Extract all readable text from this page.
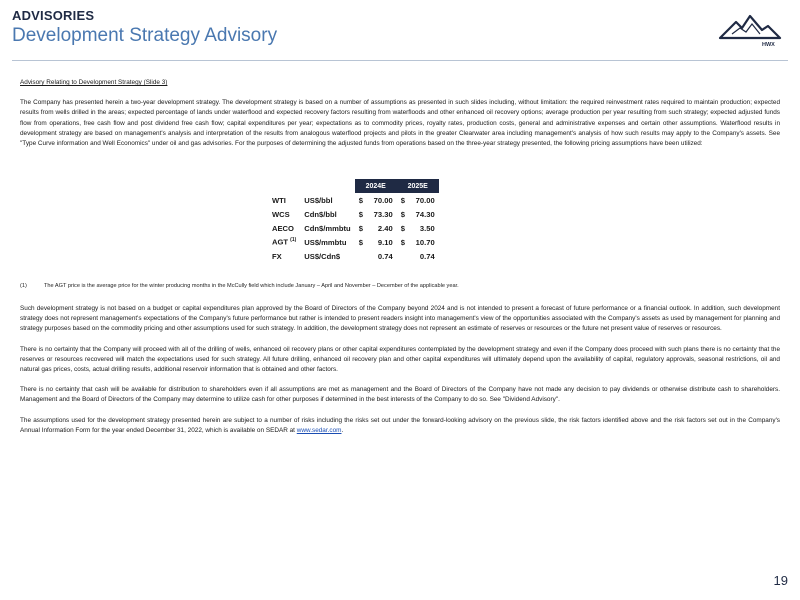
ADVISORIES
Development Strategy Advisory	HWX

Advisory Relating to Development Strategy (Slide 3)

The Company has presented herein a two-year development strategy. The development strategy is based on a number of assumptions as presented in such slides including, without limitation: the required reinvestment rates required to maintain production; expected results from wells drilled in the areas; expected percentage of lands under waterflood and expected recovery factors resulting from waterfloods and other enhanced oil recovery options; average production per year resulting from such strategy; expected adjusted funds flow from operations, free cash flow and post dividend free cash flow; capital expenditures per year; expectations as to commodity prices, royalty rates, production costs, general and administrative expenses and certain other assumptions. Waterflood results in development strategy are based on management's analysis and interpretation of the results from analogous waterflood projects and pilots in the greater Clearwater area including management's analysis of how such results may apply to the Company's assets. See "Type Curve information and Well Economics" under oil and gas advisories. For the purposes of determining the adjusted funds from operations based on the three-year strategy presented, the following pricing assumptions have been utilized:

		2024E		2025E	
WTI	US$/bbl	$	70.00	$	70.00
WCS	Cdn$/bbl	$	73.30	$	74.30
AECO	Cdn$/mmbtu	$	2.40	$	3.50
AGT $^{(1)}$	US$/mmbtu	$	9.10	$	10.70
FX	US$/Cdn$		0.74		0.74
(1)	The AGT price is the average price for the winter producing months in the McCully field which include January – April and November – December of the applicable year.

Such development strategy is not based on a budget or capital expenditures plan approved by the Board of Directors of the Company beyond 2024 and is not intended to present a forecast of future performance or a financial outlook. In addition, such development strategy does not represent management's expectations of the Company's future performance but rather is intended to present readers insight into management's view of the opportunities associated with the Company's assets as used by management for planning and strategy purposes based on the commodity pricing and other assumptions used for such strategy. In addition, the development strategy does not represent an estimate of reserves or resources or the future net present value of reserves or resources.

There is no certainty that the Company will proceed with all of the drilling of wells, enhanced oil recovery plans or other capital expenditures contemplated by the development strategy and even if the Company does proceed with such plans there is no certainty that the reserves or resources recovered will match the expectations used for such strategy. All future drilling, enhanced oil recovery plan and other capital expenditures will ultimately depend upon the availability of capital, regulatory approvals, seasonal restrictions, oil and natural gas prices, costs, actual drilling results, additional reservoir information that is obtained and other factors.

There is no certainty that cash will be available for distribution to shareholders even if all assumptions are met as management and the Board of Directors of the Company have not made any decision to pay dividends or otherwise distribute cash to shareholders. Management and the Board of Directors of the Company may determine to utilize cash for other purposes if determined in the best interests of the Company to do so. See "Dividend Advisory".

The assumptions used for the development strategy presented herein are subject to a number of risks including the risks set out under the forward-looking advisory on the previous slide, the risk factors identified above and the risk factors set out in the Company's Annual Information Form for the year ended December 31, 2022, which is available on SEDAR at www.sedar.com.

19
